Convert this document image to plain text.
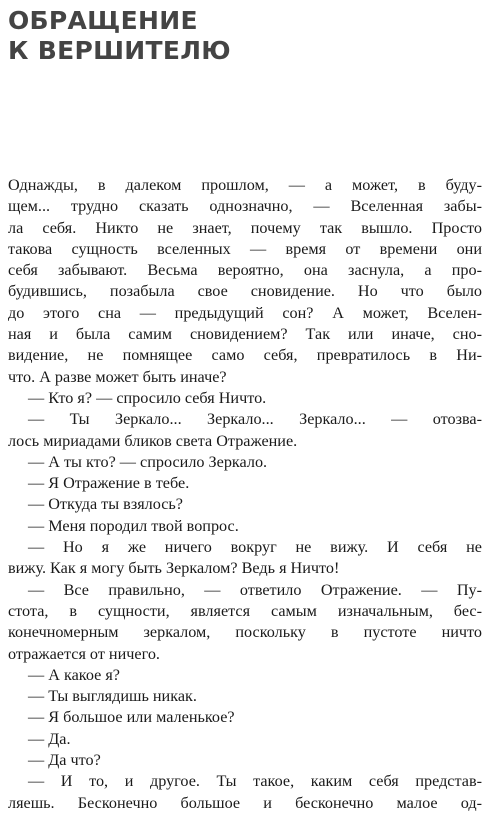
ОБРАЩЕНИЕ
К ВЕРШИТЕЛЮ
Однажды, в далеком прошлом, — а может, в буду-
щем... трудно сказать однозначно, — Вселенная забы-
ла себя. Никто не знает, почему так вышло. Просто
такова сущность вселенных — время от времени они
себя забывают. Весьма вероятно, она заснула, а про-
будившись, позабыла свое сновидение. Но что было
до этого сна — предыдущий сон? А может, Вселен-
ная и была самим сновидением? Так или иначе, сно-
видение, не помнящее само себя, превратилось в Ни-
что. А разве может быть иначе?
— Кто я? — спросило себя Ничто.
— Ты Зеркало... Зеркало... Зеркало... — отозва-
лось мириадами бликов света Отражение.
— А ты кто? — спросило Зеркало.
— Я Отражение в тебе.
— Откуда ты взялось?
— Меня породил твой вопрос.
— Но я же ничего вокруг не вижу. И себя не
вижу. Как я могу быть Зеркалом? Ведь я Ничто!
— Все правильно, — ответило Отражение. — Пу-
стота, в сущности, является самым изначальным, бес-
конечномерным зеркалом, поскольку в пустоте ничто
отражается от ничего.
— А какое я?
— Ты выглядишь никак.
— Я большое или маленькое?
— Да.
— Да что?
— И то, и другое. Ты такое, каким себя представ-
ляешь. Бесконечно большое и бесконечно малое од-
